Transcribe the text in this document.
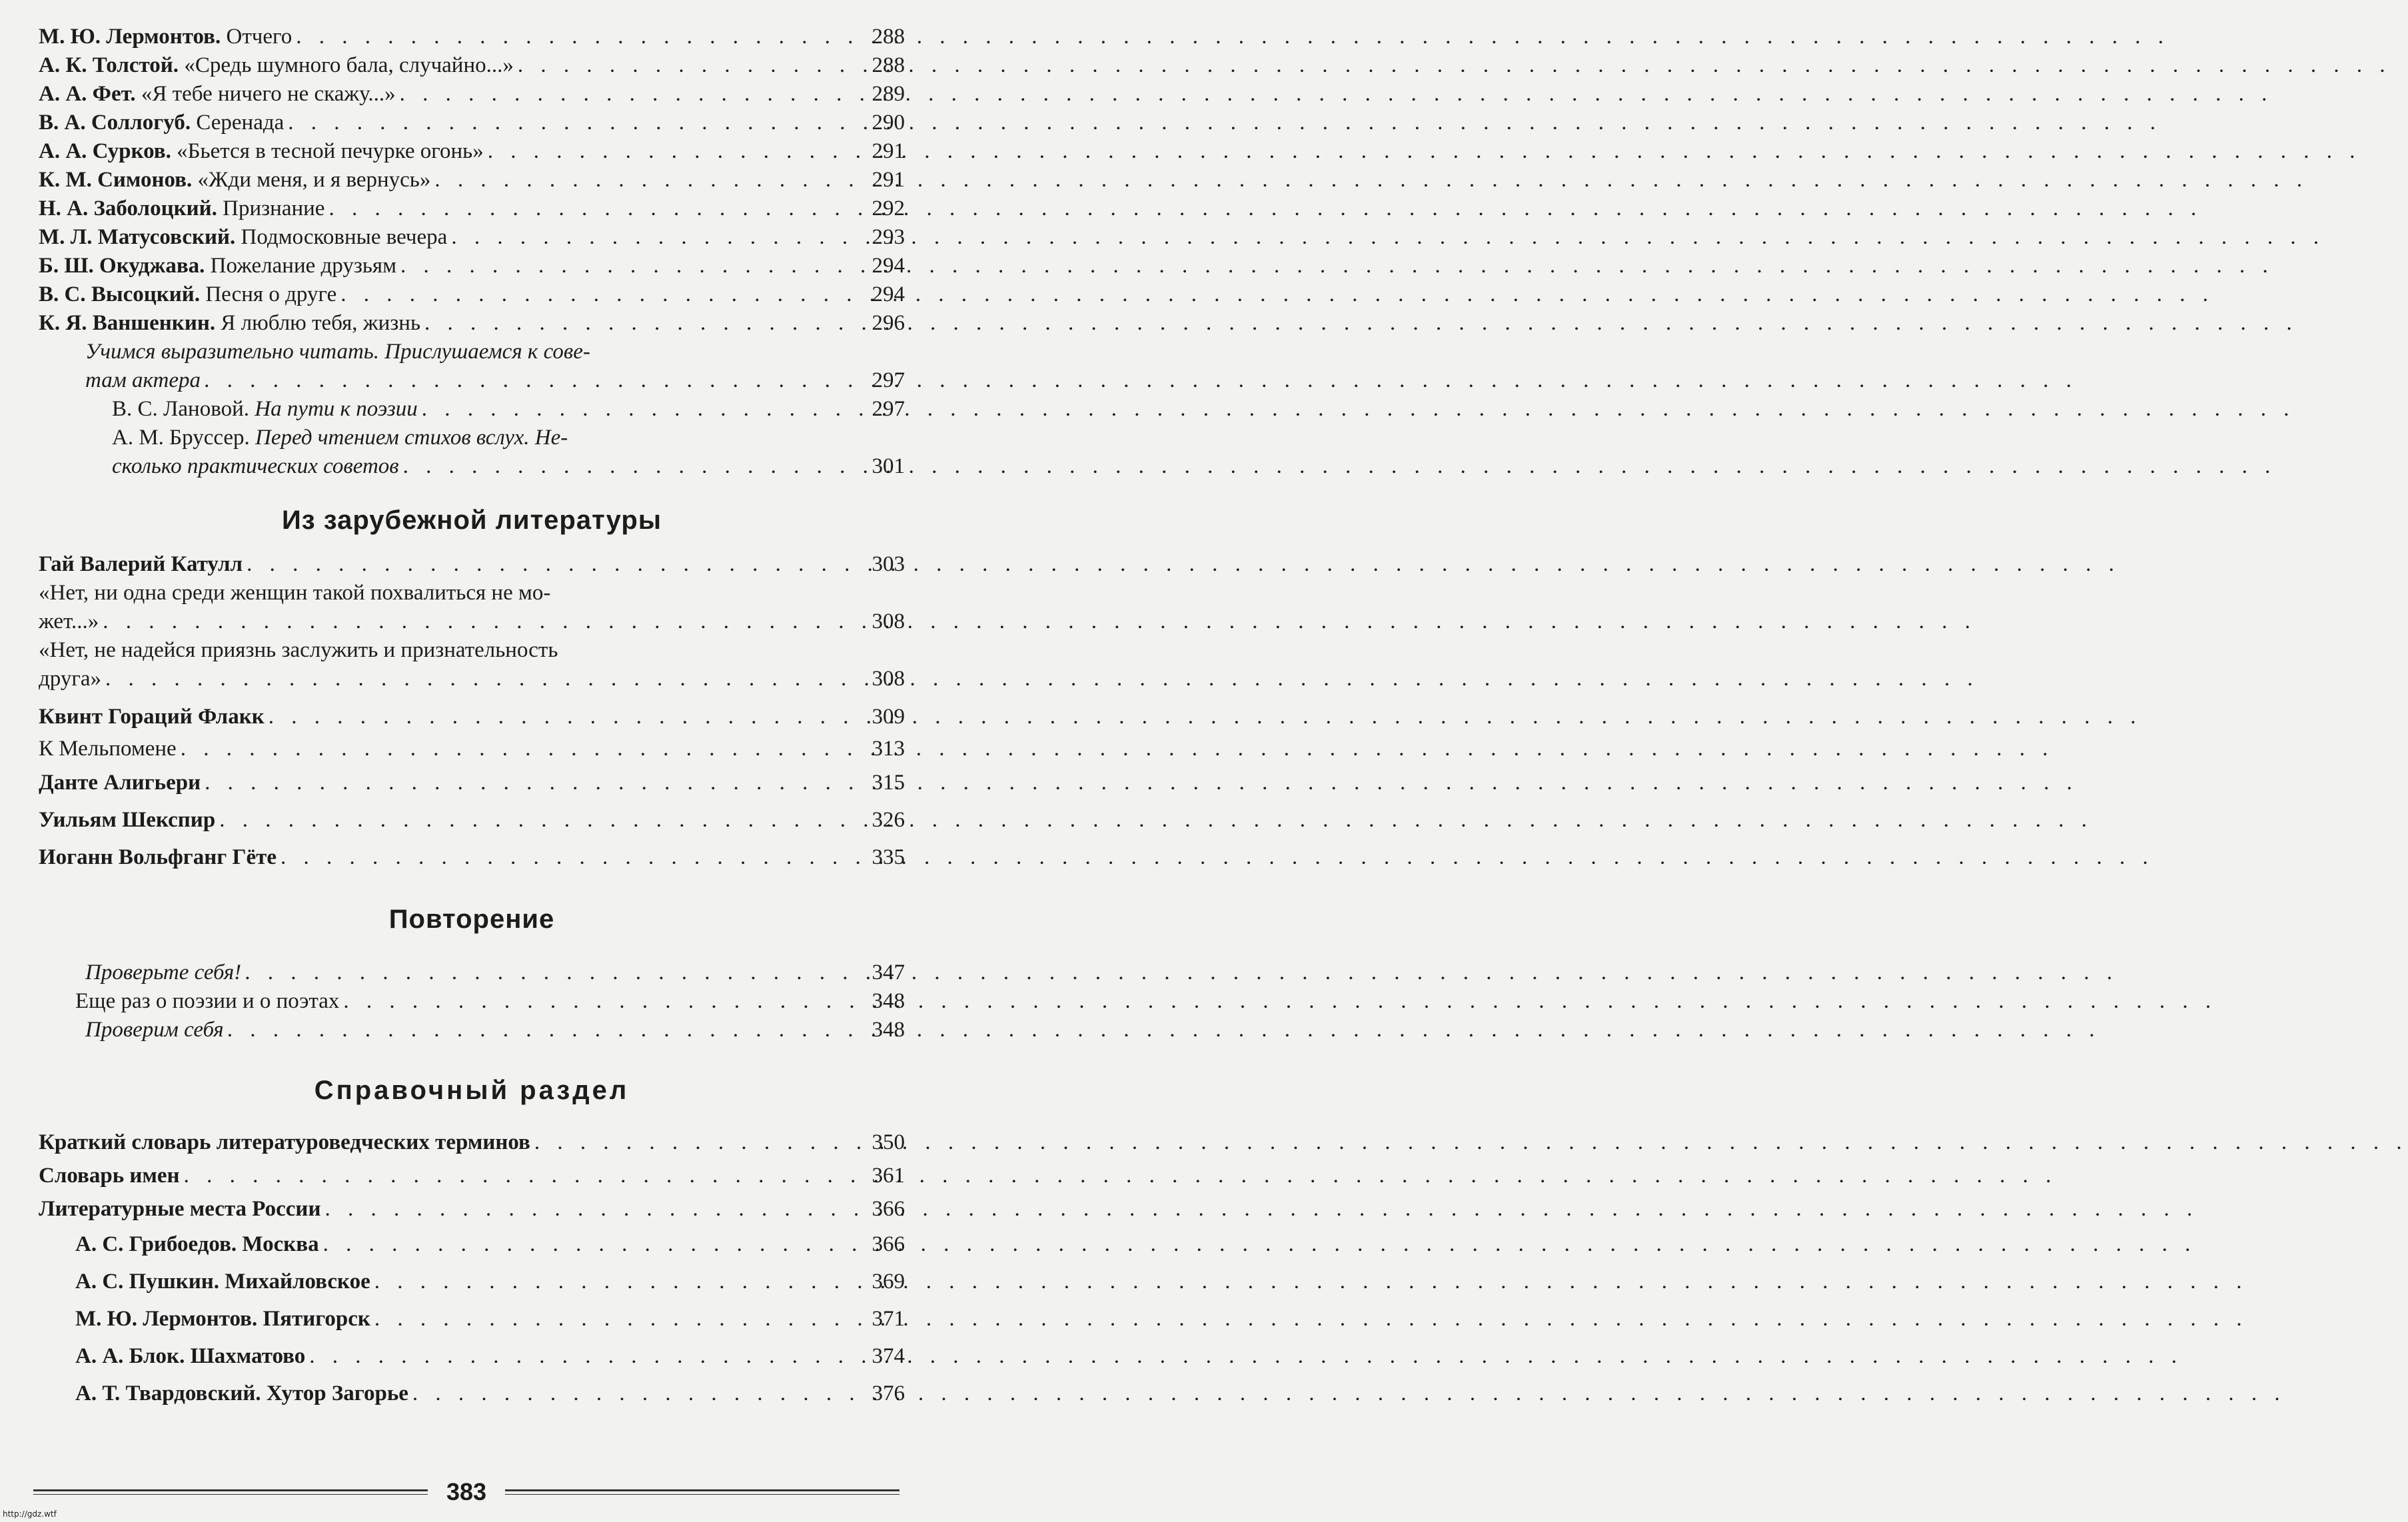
М. Ю. Лермонтов. Отчего . . .	288
А. К. Толстой. «Средь шумного бала, случайно...» . . .	288
А. А. Фет. «Я тебе ничего не скажу...» . . .	289
В. А. Соллогуб. Серенада . . .	290
А. А. Сурков. «Бьется в тесной печурке огонь» . . .	291
К. М. Симонов. «Жди меня, и я вернусь» . . .	291
Н. А. Заболоцкий. Признание . . .	292
М. Л. Матусовский. Подмосковные вечера . . .	293
Б. Ш. Окуджава. Пожелание друзьям . . .	294
В. С. Высоцкий. Песня о друге . . .	294
К. Я. Ваншенкин. Я люблю тебя, жизнь . . .	296
Учимся выразительно читать. Прислушаемся к сове-
там актера . . .	297
В. С. Лановой. На пути к поэзии . . .	297
А. М. Бруссер. Перед чтением стихов вслух. Не-
сколько практических советов . . .	301
Из зарубежной литературы
Гай Валерий Катулл . . .	303
«Нет, ни одна среди женщин такой похвалиться не мо-
жет...» . . .	308
«Нет, не надейся приязнь заслужить и признательность
друга» . . .	308
Квинт Гораций Флакк . . .	309
К Мельпомене . . .	313
Данте Алигьери . . .	315
Уильям Шекспир . . .	326
Иоганн Вольфганг Гёте . . .	335
Повторение
Проверьте себя! . . .	347
Еще раз о поэзии и о поэтах . . .	348
Проверим себя . . .	348
Справочный раздел
Краткий словарь литературоведческих терминов . . .	350
Словарь имен . . .	361
Литературные места России . . .	366
А. С. Грибоедов. Москва . . .	366
А. С. Пушкин. Михайловское . . .	369
М. Ю. Лермонтов. Пятигорск . . .	371
А. А. Блок. Шахматово . . .	374
А. Т. Твардовский. Хутор Загорье . . .	376
383
http://gdz.wtf
